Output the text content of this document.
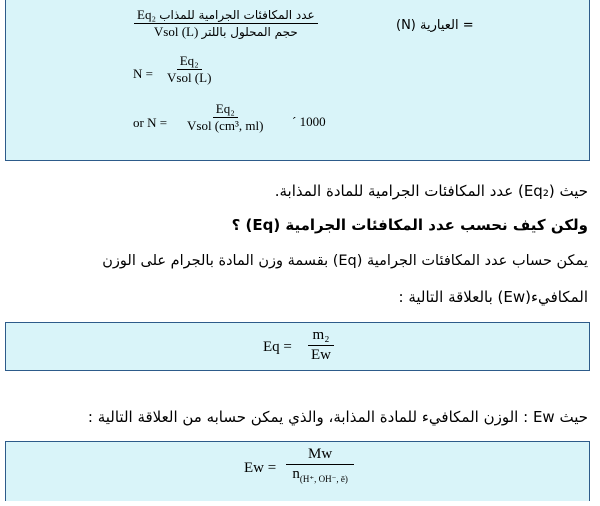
$\frac{\text{Eq₂ عدد المكافئات الجرامية للمذاب}}{\text{Vsol (L) حجم المحلول باللتر}}$	(N) العيارية =
$N = \frac{\text{Eq₂}}{\text{Vsol (L)}}$
or $N = \frac{\text{Eq₂}}{\text{Vsol (cm³, ml)}}$ ´ 1000
حيث (Eq₂) عدد المكافئات الجرامية للمادة المذابة.
ولكن كيف نحسب عدد المكافئات الجرامية (Eq) ؟
يمكن حساب عدد المكافئات الجرامية (Eq) بقسمة وزن المادة بالجرام على الوزن
المكافيء(Ew) بالعلاقة التالية :
$Eq = \frac{\text{m₂}}{Ew}$
حيث Ew : الوزن المكافيء للمادة المذابة، والذي يمكن حسابه من العلاقة التالية :
$Ew = \frac{Mw}{n_{(H^+, OH^-, ē)}}$
